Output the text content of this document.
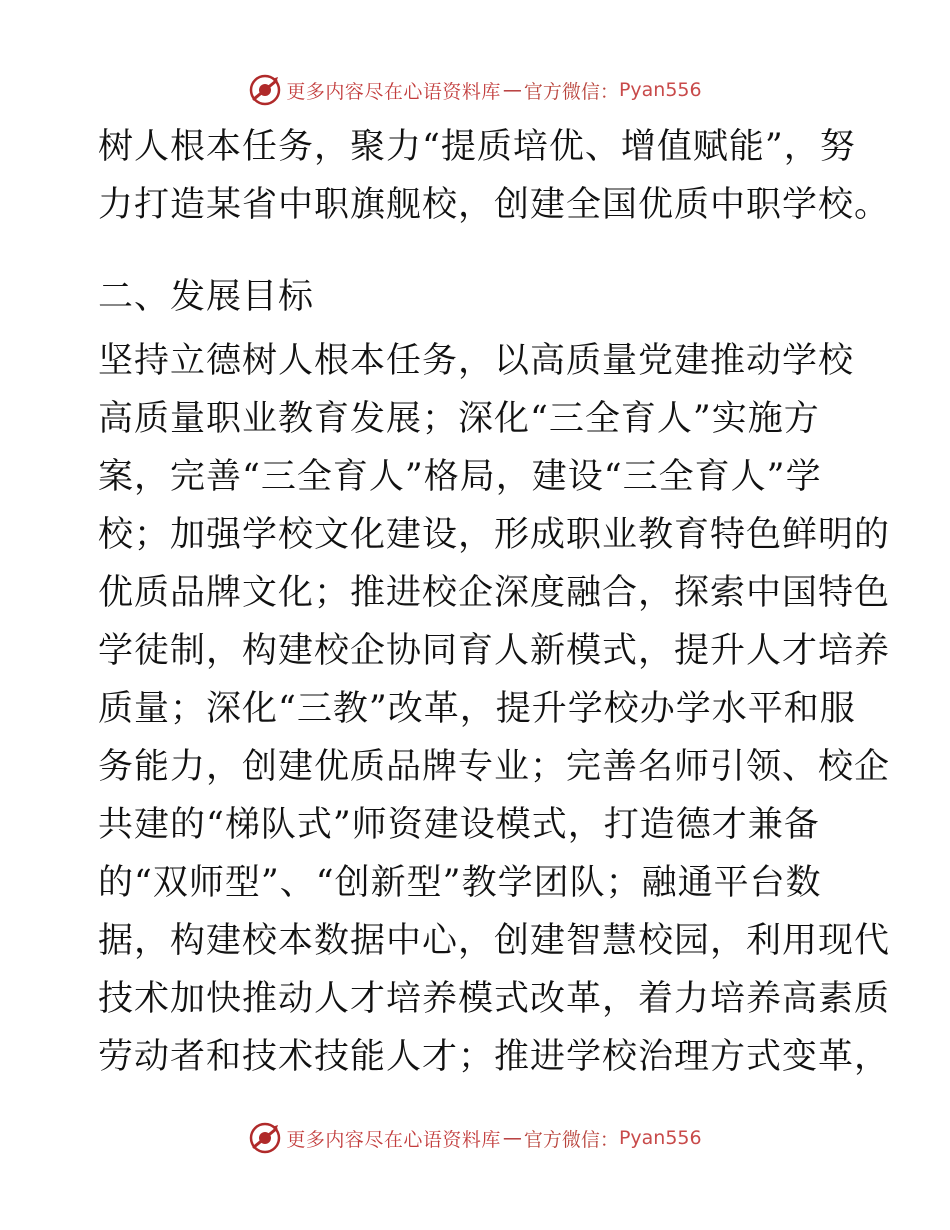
更多内容尽在心语资料库 — 官方微信： Pyan556
树人根本任务，聚力“提质培优、增值赋能”，努
力打造某省中职旗舰校，创建全国优质中职学校。
二、发展目标
坚持立德树人根本任务，以高质量党建推动学校
高质量职业教育发展；深化“三全育人”实施方
案，完善“三全育人”格局，建设“三全育人”学
校；加强学校文化建设，形成职业教育特色鲜明的
优质品牌文化；推进校企深度融合，探索中国特色
学徒制，构建校企协同育人新模式，提升人才培养
质量；深化“三教”改革，提升学校办学水平和服
务能力，创建优质品牌专业；完善名师引领、校企
共建的“梯队式”师资建设模式，打造德才兼备
的“双师型”、“创新型”教学团队；融通平台数
据，构建校本数据中心，创建智慧校园，利用现代
技术加快推动人才培养模式改革，着力培养高素质
劳动者和技术技能人才；推进学校治理方式变革，
更多内容尽在心语资料库 — 官方微信： Pyan556
